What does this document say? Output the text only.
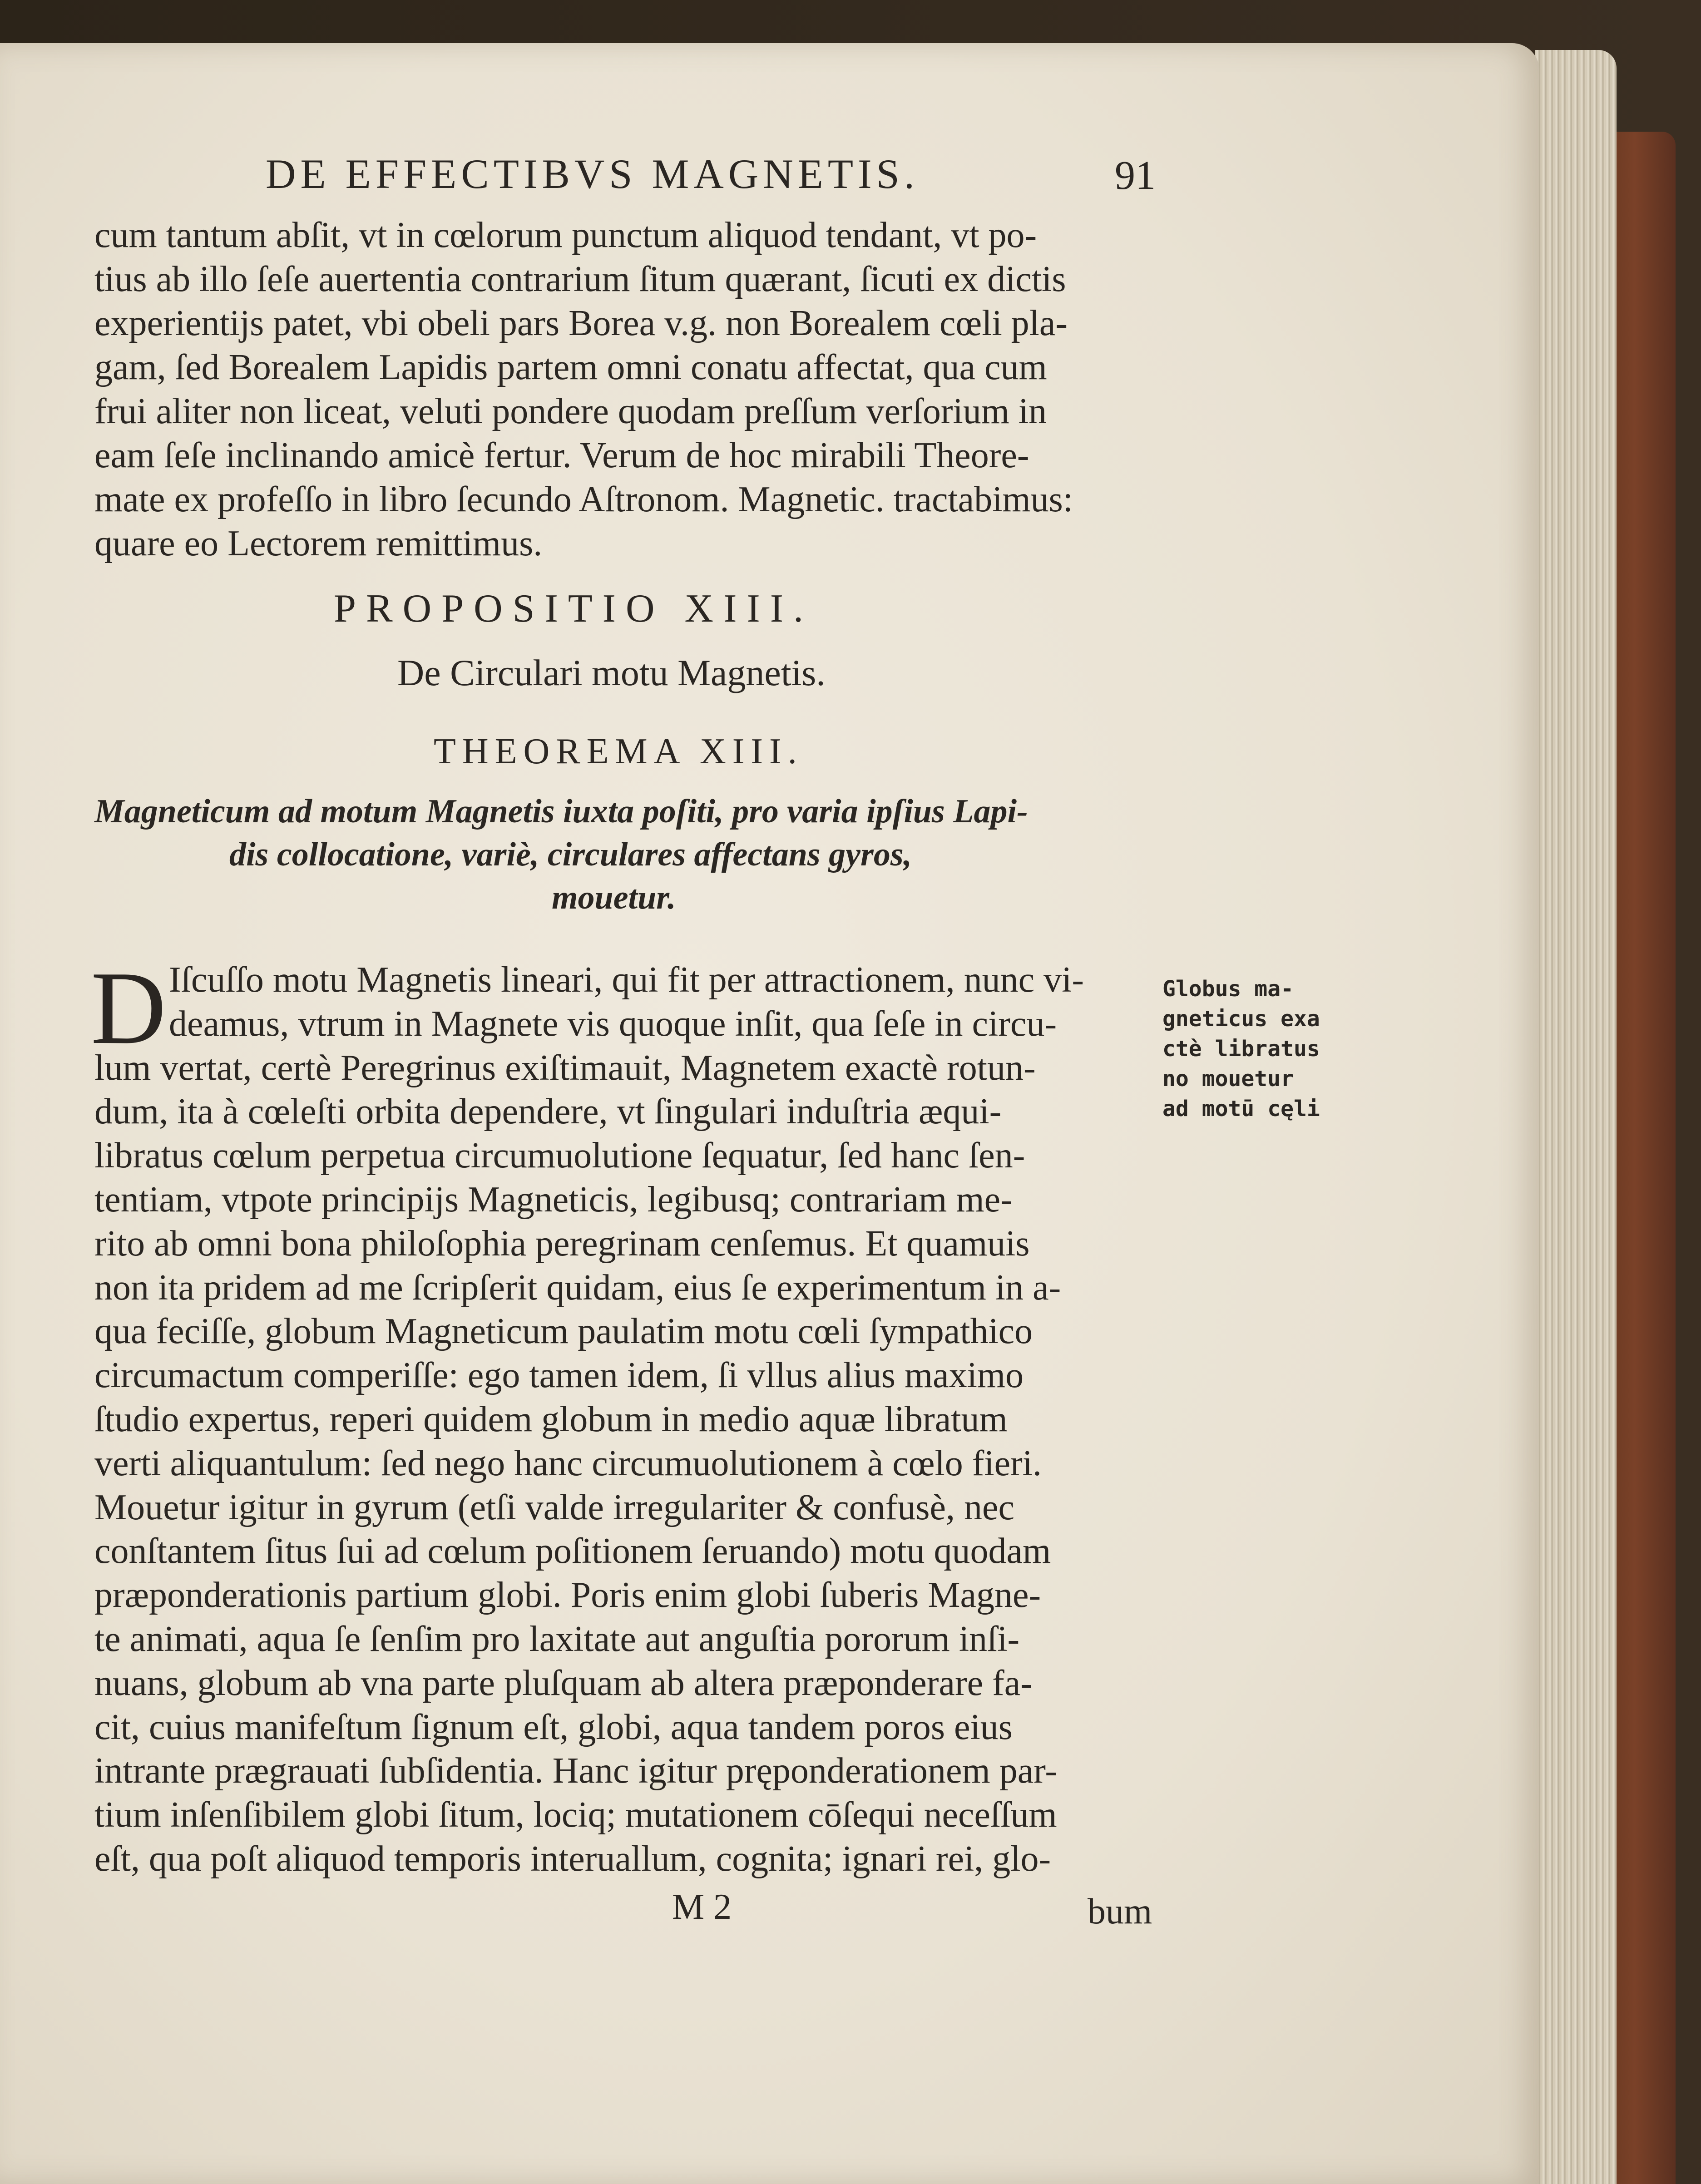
DE EFFECTIBVS MAGNETIS.	91
cum tantum abſit, vt in cœlorum punctum aliquod tendant, vt po-
tius ab illo ſeſe auertentia contrarium ſitum quærant, ſicuti ex dictis
experientijs patet, vbi obeli pars Borea v.g. non Borealem cœli pla-
gam, ſed Borealem Lapidis partem omni conatu affectat, qua cum
frui aliter non liceat, veluti pondere quodam preſſum verſorium in
eam ſeſe inclinando amicè fertur. Verum de hoc mirabili Theore-
mate ex profeſſo in libro ſecundo Aſtronom. Magnetic. tractabimus:
quare eo Lectorem remittimus.
PROPOSITIO XIII.
De Circulari motu Magnetis.
THEOREMA XIII.
Magneticum ad motum Magnetis iuxta poſiti, pro varia ipſius Lapi-
dis collocatione, variè, circulares affectans gyros,
mouetur.
D Iſcuſſo motu Magnetis lineari, qui fit per attractionem, nunc vi-
deamus, vtrum in Magnete vis quoque inſit, qua ſeſe in circu-
lum vertat, certè Peregrinus exiſtimauit, Magnetem exactè rotun-
dum, ita à cœleſti orbita dependere, vt ſingulari induſtria æqui-
libratus cœlum perpetua circumuolutione ſequatur, ſed hanc ſen-
tentiam, vtpote principijs Magneticis, legibusq; contrariam me-
rito ab omni bona philoſophia peregrinam cenſemus. Et quamuis
non ita pridem ad me ſcripſerit quidam, eius ſe experimentum in a-
qua feciſſe, globum Magneticum paulatim motu cœli ſympathico
circumactum comperiſſe: ego tamen idem, ſi vllus alius maximo
ſtudio expertus, reperi quidem globum in medio aquæ libratum
verti aliquantulum: ſed nego hanc circumuolutionem à cœlo fieri.
Mouetur igitur in gyrum (etſi valde irregulariter & confusè, nec
conſtantem ſitus ſui ad cœlum poſitionem ſeruando) motu quodam
præponderationis partium globi. Poris enim globi ſuberis Magne-
te animati, aqua ſe ſenſim pro laxitate aut anguſtia pororum inſi-
nuans, globum ab vna parte pluſquam ab altera præponderare fa-
cit, cuius manifeſtum ſignum eſt, globi, aqua tandem poros eius
intrante prægrauati ſubſidentia. Hanc igitur pręponderationem par-
tium inſenſibilem globi ſitum, lociq; mutationem cōſequi neceſſum
eſt, qua poſt aliquod temporis interuallum, cognita; ignari rei, glo-
Globus ma-
gneticus exa
ctè libratus
no mouetur
ad motū cęli
M 2	bum
